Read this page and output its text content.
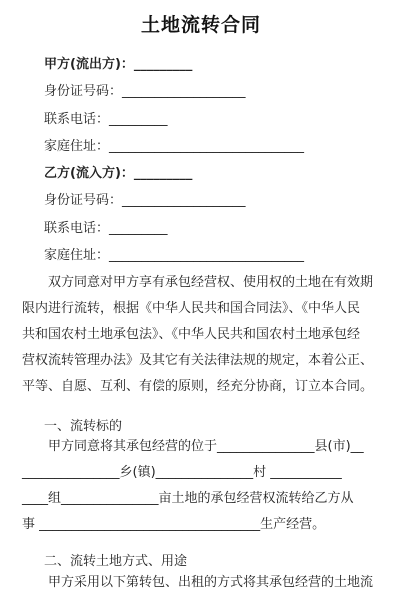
土地流转合同
甲方(流出方)：_________
身份证号码：___________________
联系电话：_________
家庭住址：______________________________
乙方(流入方)：_________
身份证号码：___________________
联系电话：_________
家庭住址：______________________________
　　双方同意对甲方享有承包经营权、使用权的土地在有效期
限内进行流转，根据《中华人民共和国合同法》、《中华人民
共和国农村土地承包法》、《中华人民共和国农村土地承包经
营权流转管理办法》及其它有关法律法规的规定，本着公正、
平等、自愿、互利、有偿的原则，经充分协商，订立本合同。
一、流转标的
　　甲方同意将其承包经营的位于_______________县(市)__
_______________乡(镇)_______________村 ___________
____组_______________亩土地的承包经营权流转给乙方从
事 __________________________________生产经营。
二、流转土地方式、用途
　　甲方采用以下第转包、出租的方式将其承包经营的土地流
